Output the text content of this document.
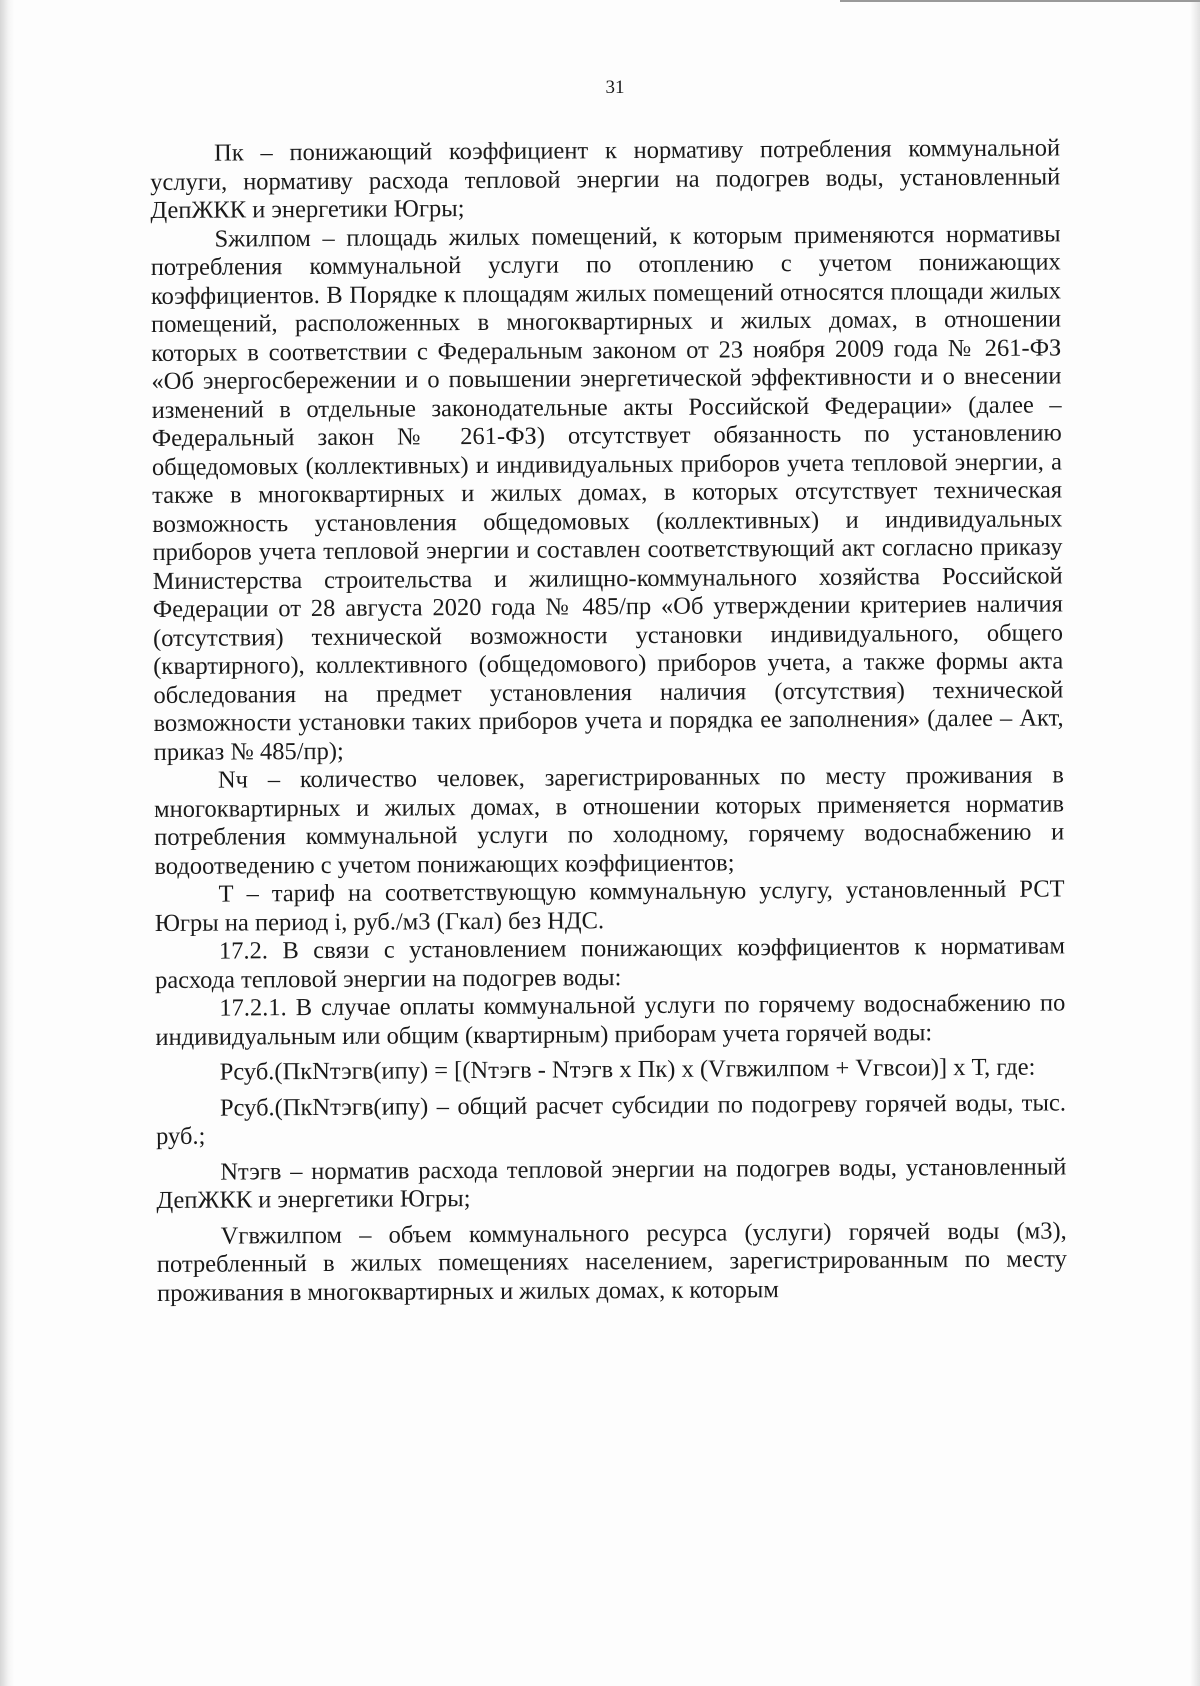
31

Пк – понижающий коэффициент к нормативу потребления коммунальной услуги, нормативу расхода тепловой энергии на подогрев воды, установленный ДепЖКК и энергетики Югры;

Sжилпом – площадь жилых помещений, к которым применяются нормативы потребления коммунальной услуги по отоплению с учетом понижающих коэффициентов. В Порядке к площадям жилых помещений относятся площади жилых помещений, расположенных в многоквартирных и жилых домах, в отношении которых в соответствии с Федеральным законом от 23 ноября 2009 года № 261-ФЗ «Об энергосбережении и о повышении энергетической эффективности и о внесении изменений в отдельные законодательные акты Российской Федерации» (далее – Федеральный закон № 261-ФЗ) отсутствует обязанность по установлению общедомовых (коллективных) и индивидуальных приборов учета тепловой энергии, а также в многоквартирных и жилых домах, в которых отсутствует техническая возможность установления общедомовых (коллективных) и индивидуальных приборов учета тепловой энергии и составлен соответствующий акт согласно приказу Министерства строительства и жилищно-коммунального хозяйства Российской Федерации от 28 августа 2020 года № 485/пр «Об утверждении критериев наличия (отсутствия) технической возможности установки индивидуального, общего (квартирного), коллективного (общедомового) приборов учета, а также формы акта обследования на предмет установления наличия (отсутствия) технической возможности установки таких приборов учета и порядка ее заполнения» (далее – Акт, приказ № 485/пр);

Nч – количество человек, зарегистрированных по месту проживания в многоквартирных и жилых домах, в отношении которых применяется норматив потребления коммунальной услуги по холодному, горячему водоснабжению и водоотведению с учетом понижающих коэффициентов;

Т – тариф на соответствующую коммунальную услугу, установленный РСТ Югры на период i, руб./м3 (Гкал) без НДС.

17.2. В связи с установлением понижающих коэффициентов к нормативам расхода тепловой энергии на подогрев воды:

17.2.1. В случае оплаты коммунальной услуги по горячему водоснабжению по индивидуальным или общим (квартирным) приборам учета горячей воды:

Рсуб.(ПкNтэгв(ипу) = [(Nтэгв - Nтэгв х Пк) х (Vгвжилпом + Vгвсои)] х Т, где:

Рсуб.(ПкNтэгв(ипу) – общий расчет субсидии по подогреву горячей воды, тыс. руб.;

Nтэгв – норматив расхода тепловой энергии на подогрев воды, установленный ДепЖКК и энергетики Югры;

Vгвжилпом – объем коммунального ресурса (услуги) горячей воды (м3), потребленный в жилых помещениях населением, зарегистрированным по месту проживания в многоквартирных и жилых домах, к которым
